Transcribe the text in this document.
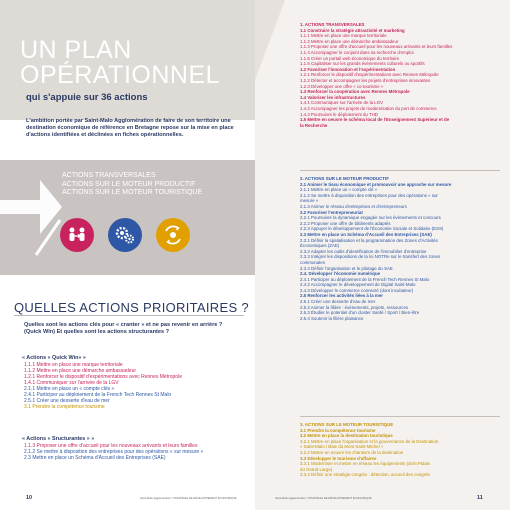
UN PLAN
OPÉRATIONNEL
qui s'appuie sur 36 actions
L'ambition portée par Saint-Malo Agglomération de faire de son territoire une destination économique de référence en Bretagne repose sur la mise en place d'actions identifiées et déclinées en fiches opérationnelles.
ACTIONS TRANSVERSALES
ACTIONS SUR LE MOTEUR PRODUCTIF
ACTIONS SUR LE MOTEUR TOURISTIQUE
QUELLES ACTIONS PRIORITAIRES ?
Quelles sont les actions clés pour « cranter » et ne pas revenir en arrière ? (Quick Win) Et quelles sont les actions structurantes ?
« Actions « Quick Win» »
1.1.1 Mettre en place une marque territoriale
1.1.2 Mettre en place une démarche ambassadeur
1.2.1 Renforcer le dispositif d'expérimentations avec Rennes Métropole
1.4.1 Communiquer sur l'arrivée de la LGV
2.1.1 Mettre en place un « compte clés »
2.4.1 Participer au déploiement de la French Tech Rennes St Malo
2.5.1 Créer une desserte d'eau de mer
3.1 Prendre la compétence tourisme
« Actions « Sructurantes » »
1.1.3 Proposer une offre d'accueil pour les nouveaux arrivants et leurs familles
2.1.2 Se mettre à disposition des entreprises pour des opérations « sur mesure »
2.3 Mettre en place un Schéma d'Accueil des Entreprises (SAE)
10	Saint-Malo Agglomération / STRATÉGIE DE DÉVELOPPEMENT ÉCONOMIQUE
1. ACTIONS TRANSVERSALES
1.1 Construire la stratégie attractivité et marketing
1.1.1 Mettre en place une marque territoriale
1.1.2 Mettre en place une démarche ambassadeur
1.1.3 Proposer une offre d'accueil pour les nouveaux arrivants et leurs familles
1.1.4 Accompagner le conjoint dans sa recherche d'emploi
1.1.5 Créer un portail web économique du territoire
1.1.6 Capitaliser sur les grands évènements culturels ou sportifs
1.2 Favoriser l'innovation et l'expérimentation
1.2.1 Renforcer le dispositif d'expérimentations avec Rennes Métropole
1.2.2 Détecter et accompagner les projets d'entreprises innovantes
1.2.3 Développer une offre « co-tourisme »
1.3 Renforcer la coopération avec Rennes Métropole
1.4 Valoriser les infrastructures
1.4.1 Communiquer sur l'arrivée de la LGV
1.4.2 Accompagner les projets de modernisation du port de commerce
1.4.3 Poursuivre le déploiement du THD
1.5 Mettre en oeuvre le schéma local de l'Enseignement Supérieur et de
la Recherche
2. ACTIONS SUR LE MOTEUR PRODUCTIF
2.1 Animer le tissu économique et promouvoir une approche sur mesure
2.1.1 Mettre en place un « compte clé »
2.1.2 Se mettre à disposition des entreprises pour des opérations « sur
mesure »
2.1.3 Animer le réseau d'entreprises et d'entrepreneurs
2.2 Favoriser l'entrepreneuriat
2.2.1 Poursuivre la dynamique engagée sur les évènements et concours
2.2.2 Proposer une offre de bâtiments adaptés
2.2.3 Appuyer le développement de l'Économie Sociale et Solidaire (ESS)
2.3 Mettre en place un Schéma d'Accueil des Entreprises (SAE)
2.3.1 Définir la spatialisation et la programmation des Zones d'Activités
Économiques (ZAE)
2.3.2 Adapter les outils d'identification de l'immobilier d'entreprise
2.3.3 Intégrer les dispositions de la loi NOTRe sur le transfert des zones
communales
2.3.4 Définir l'organisation et le pilotage du SAE
2.4. Développer l'économie numérique
2.4.1 Participer au déploiement de la French Tech Rennes St Malo
2.4.2 Accompagner le développement de Digital Saint-Malo
2.4.3 Développer le commerce connecté (dont incubateur)
2.5 Renforcer les activités liées à la mer
2.5.1 Créer une desserte d'eau de mer
2.5.2 Animer la filière : évènements, projets, ressources
2.5.3 Étudier le potentiel d'un cluster Santé / Sport / Bien-être
2.5.4 Soutenir la filière plaisance
3. ACTIONS SUR LE MOTEUR TOURISTIQUE
3.1 Prendre la compétence tourisme
3.2 Mettre en place la destination touristique
3.2.1 Mettre en place l'organisation et la gouvernance de la Destination
« Saint-Malo / Baie du Mont Saint-Michel »
3.2.2 Mettre en oeuvre les chantiers de la destination
3.3 Développer le tourisme d'affaires
3.3.1 Moderniser et mettre en réseau les équipements (dont Palais
du Grand Large)
3.3.2 Définir une stratégie congrès : détection, accueil des congrès
Saint-Malo Agglomération / STRATÉGIE DE DÉVELOPPEMENT ÉCONOMIQUE	11
